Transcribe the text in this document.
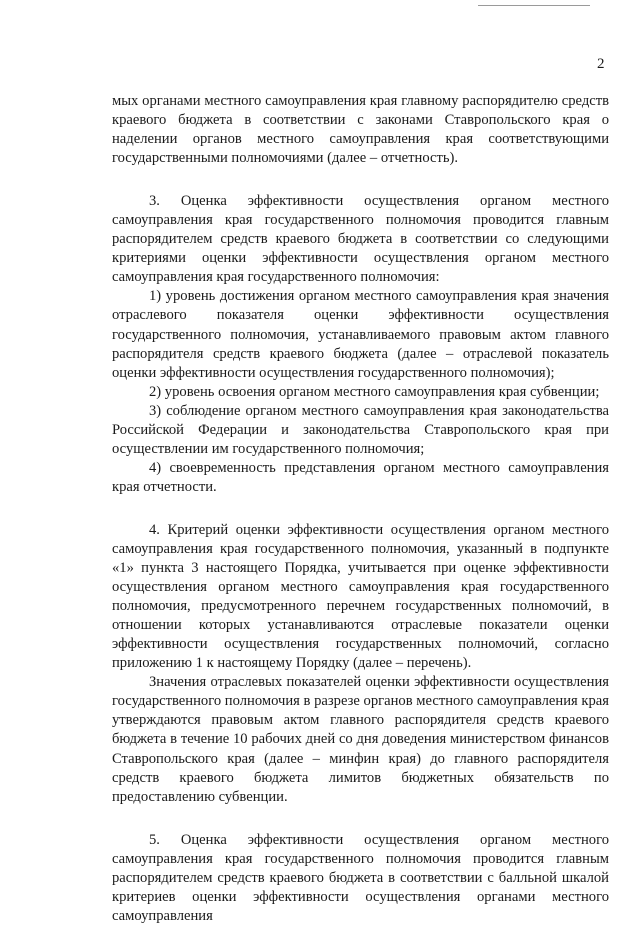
2

мых органами местного самоуправления края главному распорядителю средств краевого бюджета в соответствии с законами Ставропольского края о наделении органов местного самоуправления края соответствующими государственными полномочиями (далее – отчетность).

3. Оценка эффективности осуществления органом местного самоуправления края государственного полномочия проводится главным распорядителем средств краевого бюджета в соответствии со следующими критериями оценки эффективности осуществления органом местного самоуправления края государственного полномочия:

1) уровень достижения органом местного самоуправления края значения отраслевого показателя оценки эффективности осуществления государственного полномочия, устанавливаемого правовым актом главного распорядителя средств краевого бюджета (далее – отраслевой показатель оценки эффективности осуществления государственного полномочия);

2) уровень освоения органом местного самоуправления края субвенции;

3) соблюдение органом местного самоуправления края законодательства Российской Федерации и законодательства Ставропольского края при осуществлении им государственного полномочия;

4) своевременность представления органом местного самоуправления края отчетности.

4. Критерий оценки эффективности осуществления органом местного самоуправления края государственного полномочия, указанный в подпункте «1» пункта 3 настоящего Порядка, учитывается при оценке эффективности осуществления органом местного самоуправления края государственного полномочия, предусмотренного перечнем государственных полномочий, в отношении которых устанавливаются отраслевые показатели оценки эффективности осуществления государственных полномочий, согласно приложению 1 к настоящему Порядку (далее – перечень).

Значения отраслевых показателей оценки эффективности осуществления государственного полномочия в разрезе органов местного самоуправления края утверждаются правовым актом главного распорядителя средств краевого бюджета в течение 10 рабочих дней со дня доведения министерством финансов Ставропольского края (далее – минфин края) до главного распорядителя средств краевого бюджета лимитов бюджетных обязательств по предоставлению субвенции.

5. Оценка эффективности осуществления органом местного самоуправления края государственного полномочия проводится главным распорядителем средств краевого бюджета в соответствии с балльной шкалой критериев оценки эффективности осуществления органами местного самоуправления
